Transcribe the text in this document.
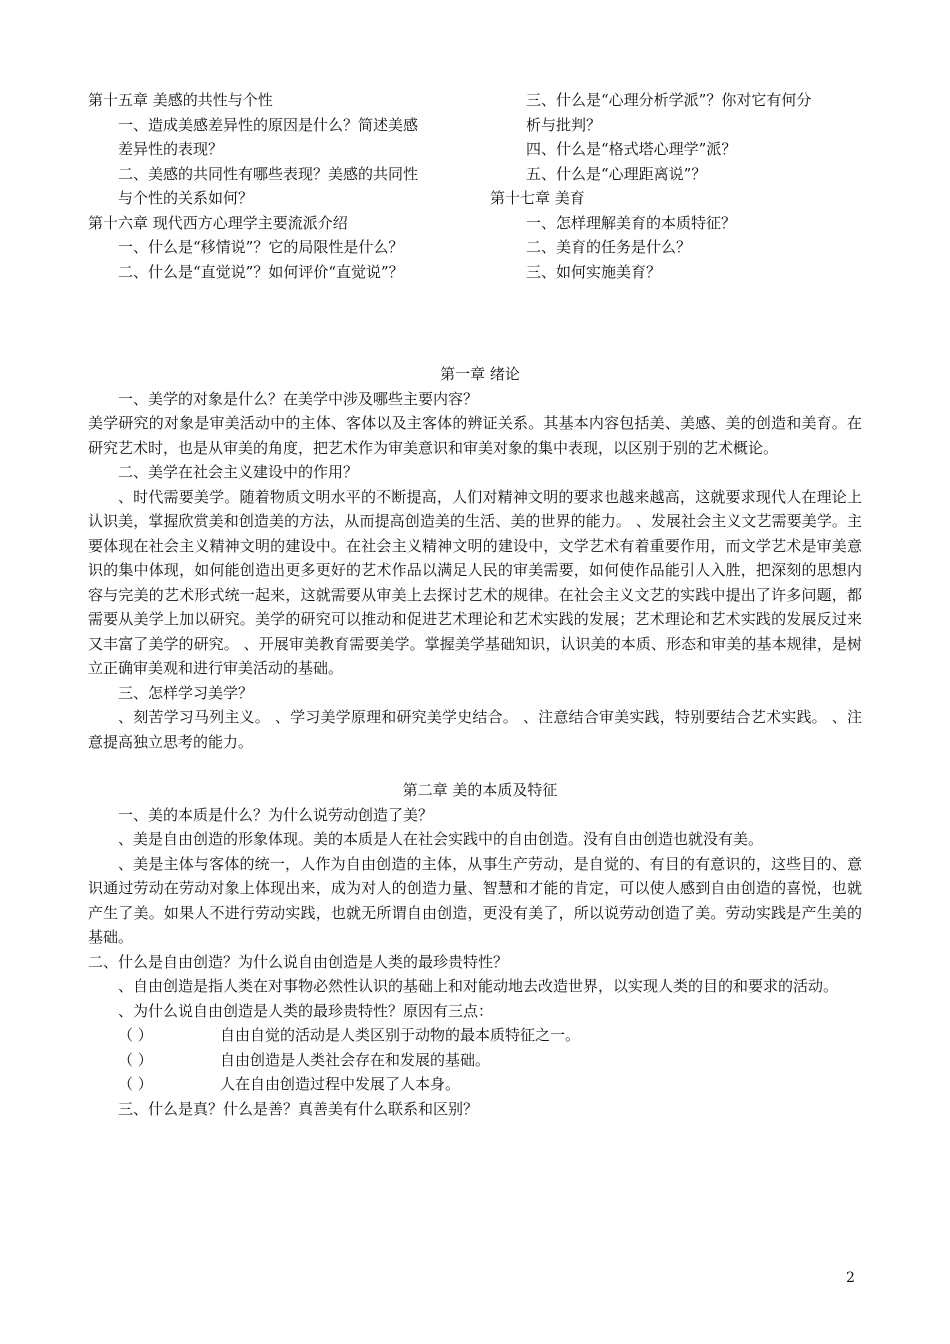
第十五章 美感的共性与个性
一、造成美感差异性的原因是什么？简述美感
差异性的表现？
二、美感的共同性有哪些表现？美感的共同性
与个性的关系如何？
第十六章 现代西方心理学主要流派介绍
一、什么是“移情说”？它的局限性是什么？
二、什么是“直觉说”？如何评价“直觉说”？
三、什么是“心理分析学派”？你对它有何分
析与批判？
四、什么是“格式塔心理学”派？
五、什么是“心理距离说”？
第十七章 美育
一、怎样理解美育的本质特征？
二、美育的任务是什么？
三、如何实施美育？
第一章 绪论
一、美学的对象是什么？在美学中涉及哪些主要内容？
美学研究的对象是审美活动中的主体、客体以及主客体的辨证关系。其基本内容包括美、美感、美的创造和美育。在研究艺术时，也是从审美的角度，把艺术作为审美意识和审美对象的集中表现，以区别于别的艺术概论。
二、美学在社会主义建设中的作用？
、时代需要美学。随着物质文明水平的不断提高，人们对精神文明的要求也越来越高，这就要求现代人在理论上认识美，掌握欣赏美和创造美的方法，从而提高创造美的生活、美的世界的能力。 、发展社会主义文艺需要美学。主要体现在社会主义精神文明的建设中。在社会主义精神文明的建设中，文学艺术有着重要作用，而文学艺术是审美意识的集中体现，如何能创造出更多更好的艺术作品以满足人民的审美需要，如何使作品能引人入胜，把深刻的思想内容与完美的艺术形式统一起来，这就需要从审美上去探讨艺术的规律。在社会主义文艺的实践中提出了许多问题，都需要从美学上加以研究。美学的研究可以推动和促进艺术理论和艺术实践的发展；艺术理论和艺术实践的发展反过来又丰富了美学的研究。 、开展审美教育需要美学。掌握美学基础知识，认识美的本质、形态和审美的基本规律，是树立正确审美观和进行审美活动的基础。
三、怎样学习美学？
、刻苦学习马列主义。 、学习美学原理和研究美学史结合。 、注意结合审美实践，特别要结合艺术实践。 、注意提高独立思考的能力。
第二章 美的本质及特征
一、美的本质是什么？为什么说劳动创造了美？
、美是自由创造的形象体现。美的本质是人在社会实践中的自由创造。没有自由创造也就没有美。
、美是主体与客体的统一，人作为自由创造的主体，从事生产劳动，是自觉的、有目的有意识的，这些目的、意识通过劳动在劳动对象上体现出来，成为对人的创造力量、智慧和才能的肯定，可以使人感到自由创造的喜悦，也就产生了美。如果人不进行劳动实践，也就无所谓自由创造，更没有美了，所以说劳动创造了美。劳动实践是产生美的基础。
二、什么是自由创造？为什么说自由创造是人类的最珍贵特性？
、自由创造是指人类在对事物必然性认识的基础上和对能动地去改造世界，以实现人类的目的和要求的活动。
、为什么说自由创造是人类的最珍贵特性？原因有三点：
（ ）	自由自觉的活动是人类区别于动物的最本质特征之一。
（ ）	自由创造是人类社会存在和发展的基础。
（ ）	人在自由创造过程中发展了人本身。
三、什么是真？什么是善？真善美有什么联系和区别？
2
